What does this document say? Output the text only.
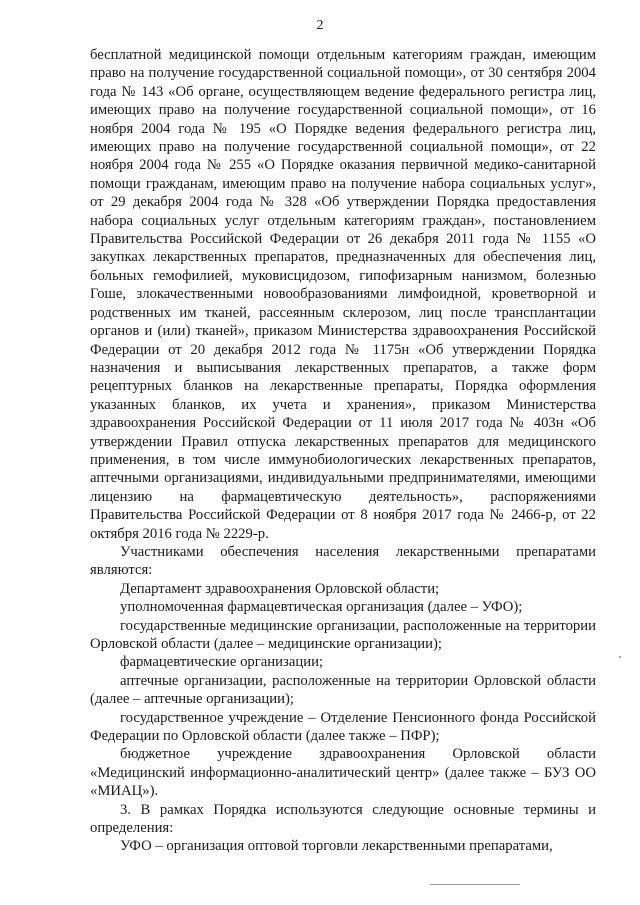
2

бесплатной медицинской помощи отдельным категориям граждан, имеющим право на получение государственной социальной помощи», от 30 сентября 2004 года № 143 «Об органе, осуществляющем ведение федерального регистра лиц, имеющих право на получение государственной социальной помощи», от 16 ноября 2004 года № 195 «О Порядке ведения федерального регистра лиц, имеющих право на получение государственной социальной помощи», от 22 ноября 2004 года № 255 «О Порядке оказания первичной медико-санитарной помощи гражданам, имеющим право на получение набора социальных услуг», от 29 декабря 2004 года № 328 «Об утверждении Порядка предоставления набора социальных услуг отдельным категориям граждан», постановлением Правительства Российской Федерации от 26 декабря 2011 года № 1155 «О закупках лекарственных препаратов, предназначенных для обеспечения лиц, больных гемофилией, муковисцидозом, гипофизарным нанизмом, болезнью Гоше, злокачественными новообразованиями лимфоидной, кроветворной и родственных им тканей, рассеянным склерозом, лиц после трансплантации органов и (или) тканей», приказом Министерства здравоохранения Российской Федерации от 20 декабря 2012 года № 1175н «Об утверждении Порядка назначения и выписывания лекарственных препаратов, а также форм рецептурных бланков на лекарственные препараты, Порядка оформления указанных бланков, их учета и хранения», приказом Министерства здравоохранения Российской Федерации от 11 июля 2017 года № 403н «Об утверждении Правил отпуска лекарственных препаратов для медицинского применения, в том числе иммунобиологических лекарственных препаратов, аптечными организациями, индивидуальными предпринимателями, имеющими лицензию на фармацевтическую деятельность», распоряжениями Правительства Российской Федерации от 8 ноября 2017 года № 2466-р, от 22 октября 2016 года № 2229-р.

Участниками обеспечения населения лекарственными препаратами являются:

Департамент здравоохранения Орловской области;

уполномоченная фармацевтическая организация (далее – УФО);

государственные медицинские организации, расположенные на территории Орловской области (далее – медицинские организации);

фармацевтические организации;

аптечные организации, расположенные на территории Орловской области (далее – аптечные организации);

государственное учреждение – Отделение Пенсионного фонда Российской Федерации по Орловской области (далее также – ПФР);

бюджетное учреждение здравоохранения Орловской области «Медицинский информационно-аналитический центр» (далее также – БУЗ ОО «МИАЦ»).

3. В рамках Порядка используются следующие основные термины и определения:

УФО – организация оптовой торговли лекарственными препаратами,
